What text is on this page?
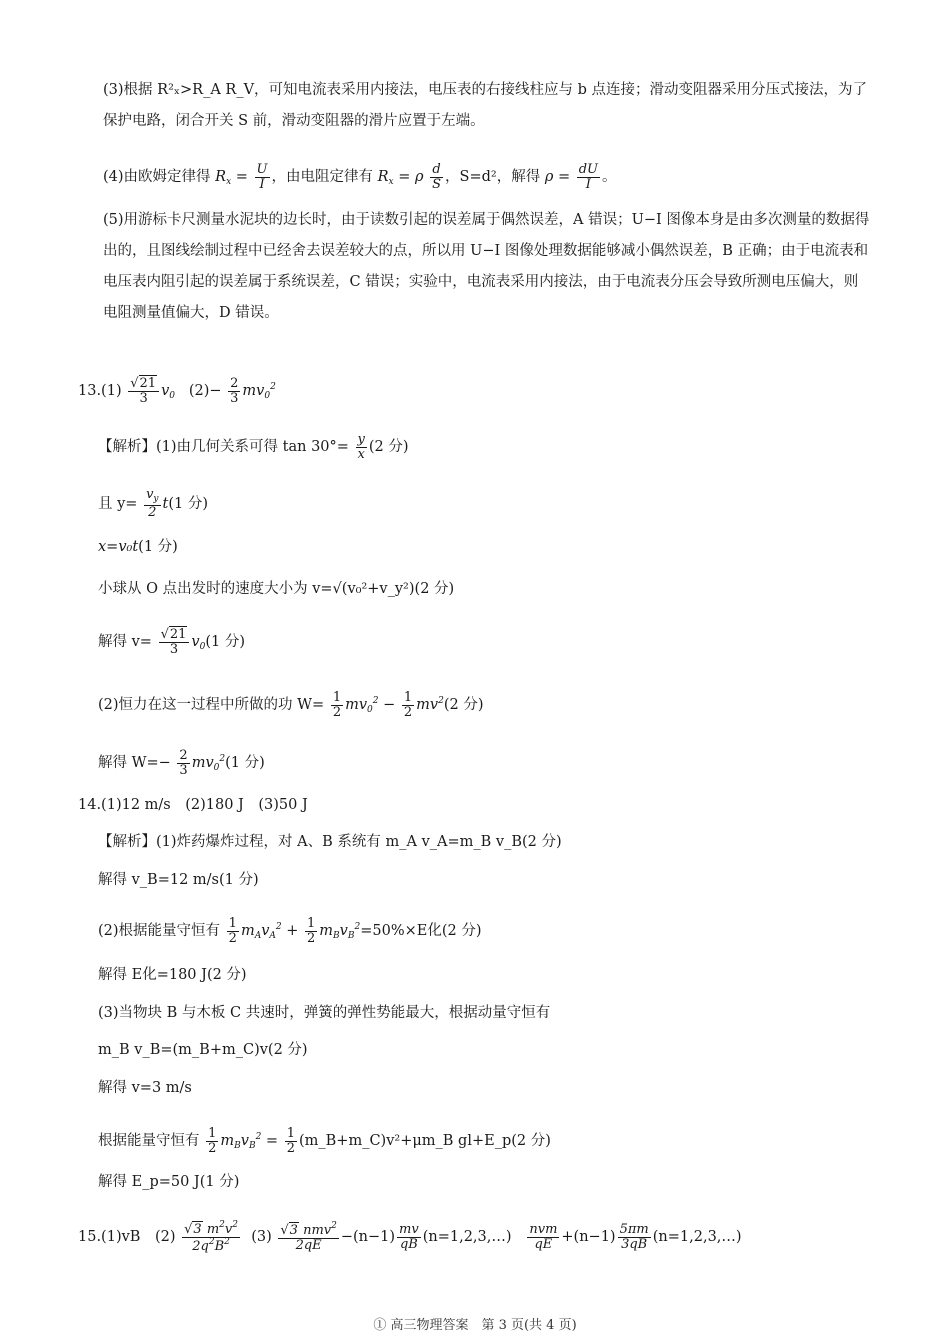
(3)根据 R²ₓ>R_A R_V，可知电流表采用内接法，电压表的右接线柱应与 b 点连接；滑动变阻器采用分压式接法，为了保护电路，闭合开关 S 前，滑动变阻器的滑片应置于左端。
(4)由欧姆定律得 $R_x = \frac{U}{I}$ ，由电阻定律有 $R_x = \rho \frac{d}{S}$ ，S=d²，解得 $\rho = \frac{dU}{I}$ 。
(5)用游标卡尺测量水泥块的边长时，由于读数引起的误差属于偶然误差，A 错误；U−I 图像本身是由多次测量的数据得出的，且图线绘制过程中已经舍去误差较大的点，所以用 U−I 图像处理数据能够减小偶然误差，B 正确；由于电流表和电压表内阻引起的误差属于系统误差，C 错误；实验中，电流表采用内接法，由于电流表分压会导致所测电压偏大，则电阻测量值偏大，D 错误。
$13.(1) \frac{√21}{3} v_0$ $(2)- \frac{2}{3} mv_0^2$
【解析】(1)由几何关系可得 $\tan 30^\circ= \frac{y}{x} (2$ 分)
且 $y= \frac{v_y}{2} t(1$ 分)
x=v₀t(1 分)
小球从 O 点出发时的速度大小为 v=√(v₀²+v_y²)(2 分)
解得 $v= \frac{√21}{3} v_0(1$ 分)
(2)恒力在这一过程中所做的功 $W= \frac{1}{2} mv_0^2 - \frac{1}{2} mv^2(2$ 分)
解得 $W=- \frac{2}{3} mv_0^2(1$ 分)
14.(1)12 m/s　(2)180 J　(3)50 J
【解析】(1)炸药爆炸过程，对 A、B 系统有 m_A v_A=m_B v_B(2 分)
解得 v_B=12 m/s(1 分)
(2)根据能量守恒有 $\frac{1}{2} m_Av_A^2 + \frac{1}{2} m_Bv_B^2=50\%\times E$化(2 分)
解得 E化=180 J(2 分)
(3)当物块 B 与木板 C 共速时，弹簧的弹性势能最大，根据动量守恒有
m_B v_B=(m_B+m_C)v(2 分)
解得 v=3 m/s
根据能量守恒有 $\frac{1}{2} m_Bv_B^2 = \frac{1}{2}$ (m_B+m_C)v²+μm_B gl+E_p(2 分)
解得 E_p=50 J(1 分)
15.(1)vB　$(2) \frac{√3 m^2v^2}{2q^2B^2} (3) \frac{√3 nmv^2}{2qE} -(n-1) \frac{mv}{qB}$ (n=1,2,3,…) $\frac{\text{nvm}}{qE} +(n-1) \frac{5\pi m}{3qB}$ (n=1,2,3,…)
① 高三物理答案　第 3 页(共 4 页)
